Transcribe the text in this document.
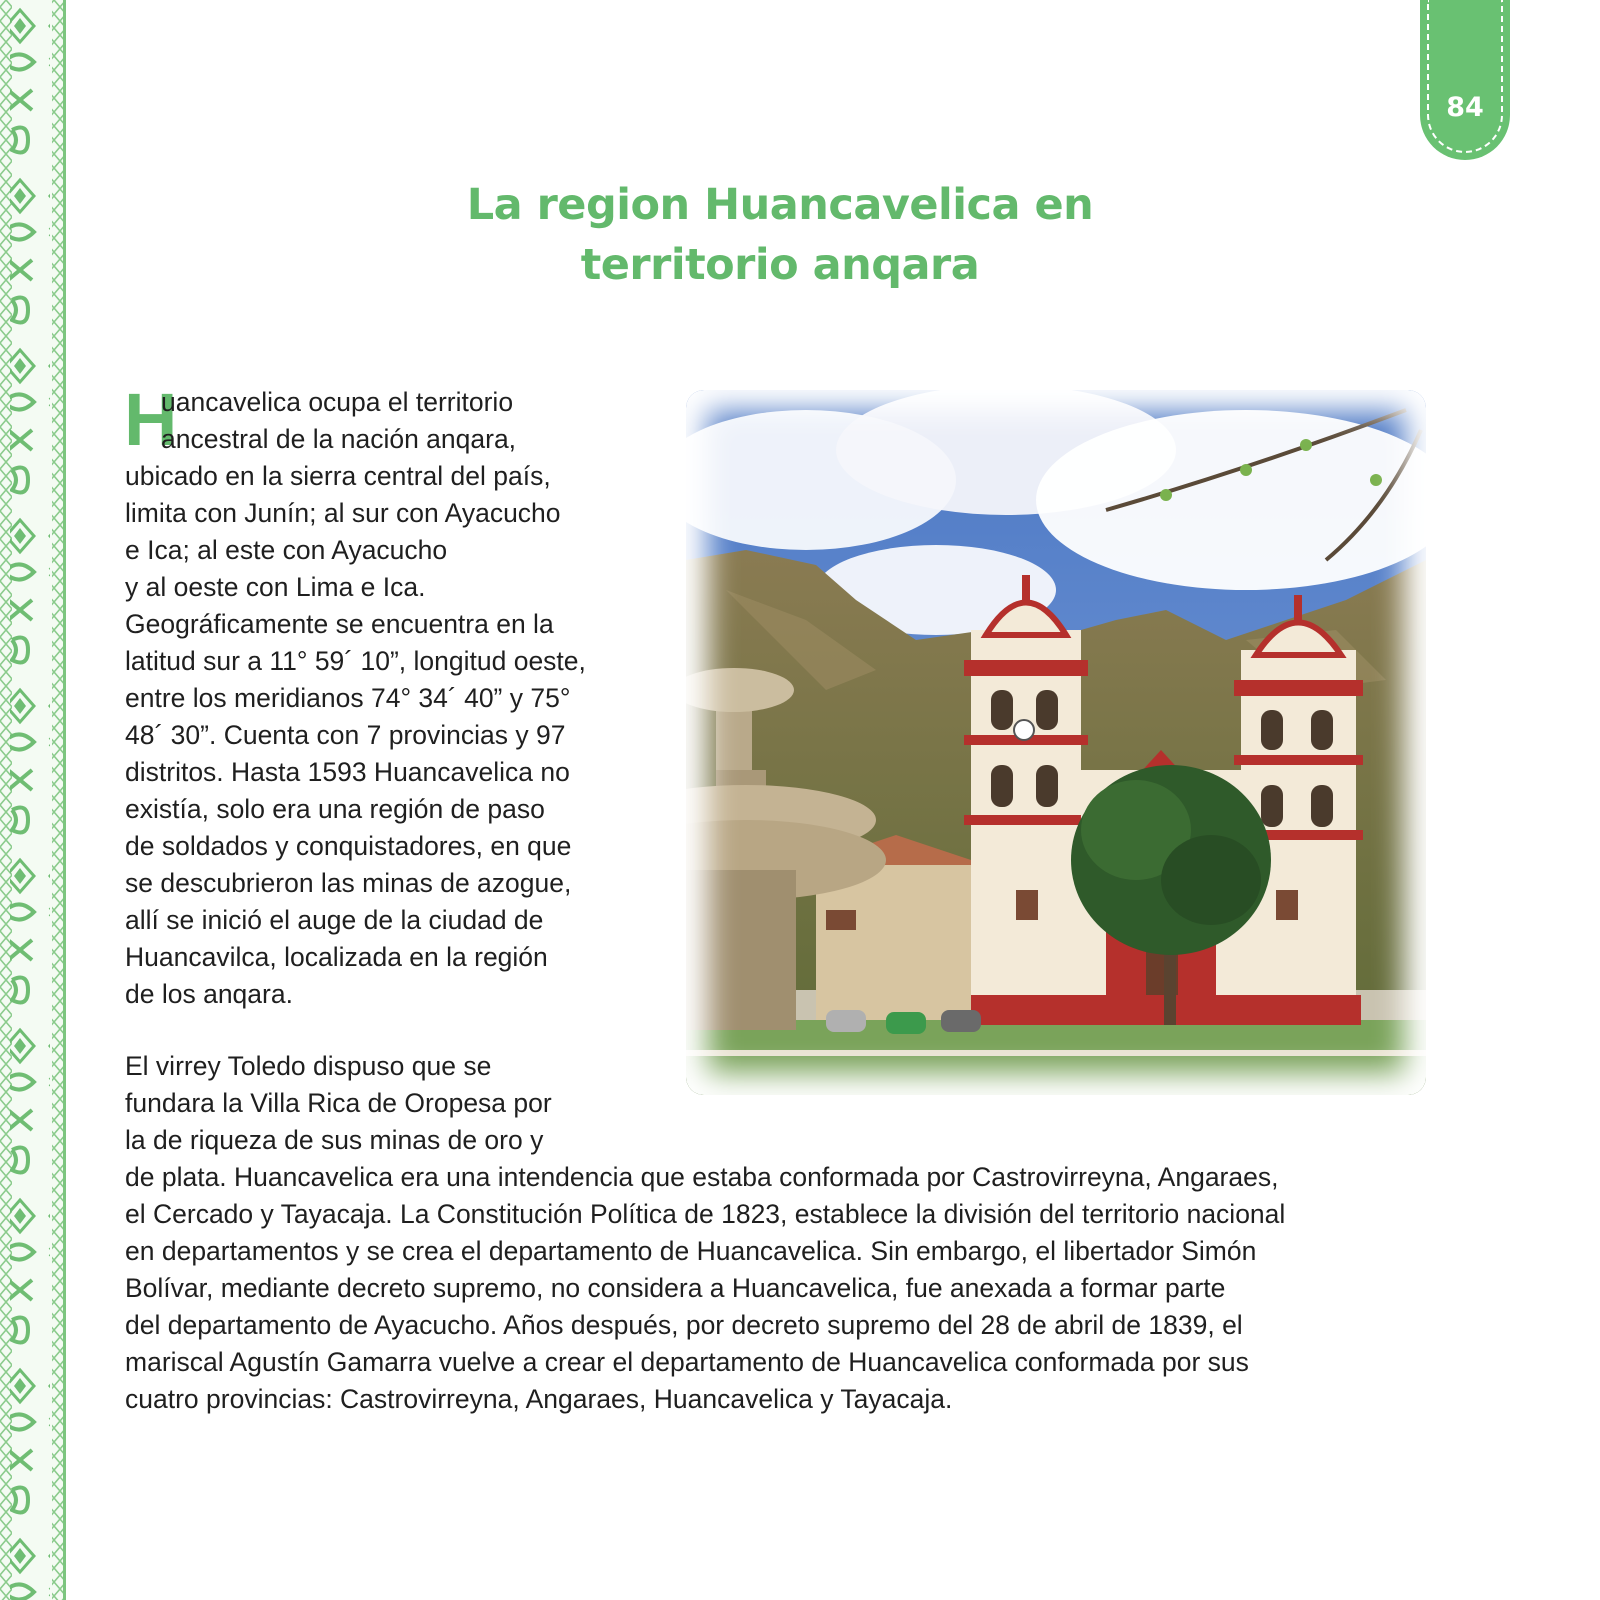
84
La region Huancavelica en
territorio anqara
H
uancavelica ocupa el territorio
ancestral de la nación anqara,
ubicado en la sierra central del país,
limita con Junín; al sur con Ayacucho
e Ica; al este con Ayacucho
y al oeste con Lima e Ica.
Geográficamente se encuentra en la
latitud sur a 11° 59´ 10”, longitud oeste,
entre los meridianos 74° 34´ 40” y 75°
48´ 30”. Cuenta con 7 provincias y 97
distritos. Hasta 1593 Huancavelica no
existía, solo era una región de paso
de soldados y conquistadores, en que
se descubrieron las minas de azogue,
allí se inició el auge de la ciudad de
Huancavilca, localizada en la región
de los anqara.
El virrey Toledo dispuso que se
fundara la Villa Rica de Oropesa por
la de riqueza de sus minas de oro y
de plata. Huancavelica era una intendencia que estaba conformada por Castrovirreyna, Angaraes,
el Cercado y Tayacaja. La Constitución Política de 1823, establece la división del territorio nacional
en departamentos y se crea el departamento de Huancavelica. Sin embargo, el libertador Simón
Bolívar, mediante decreto supremo, no considera a Huancavelica, fue anexada a formar parte
del departamento de Ayacucho. Años después, por decreto supremo del 28 de abril de 1839, el
mariscal Agustín Gamarra vuelve a crear el departamento de Huancavelica conformada por sus
cuatro provincias: Castrovirreyna, Angaraes, Huancavelica y Tayacaja.
